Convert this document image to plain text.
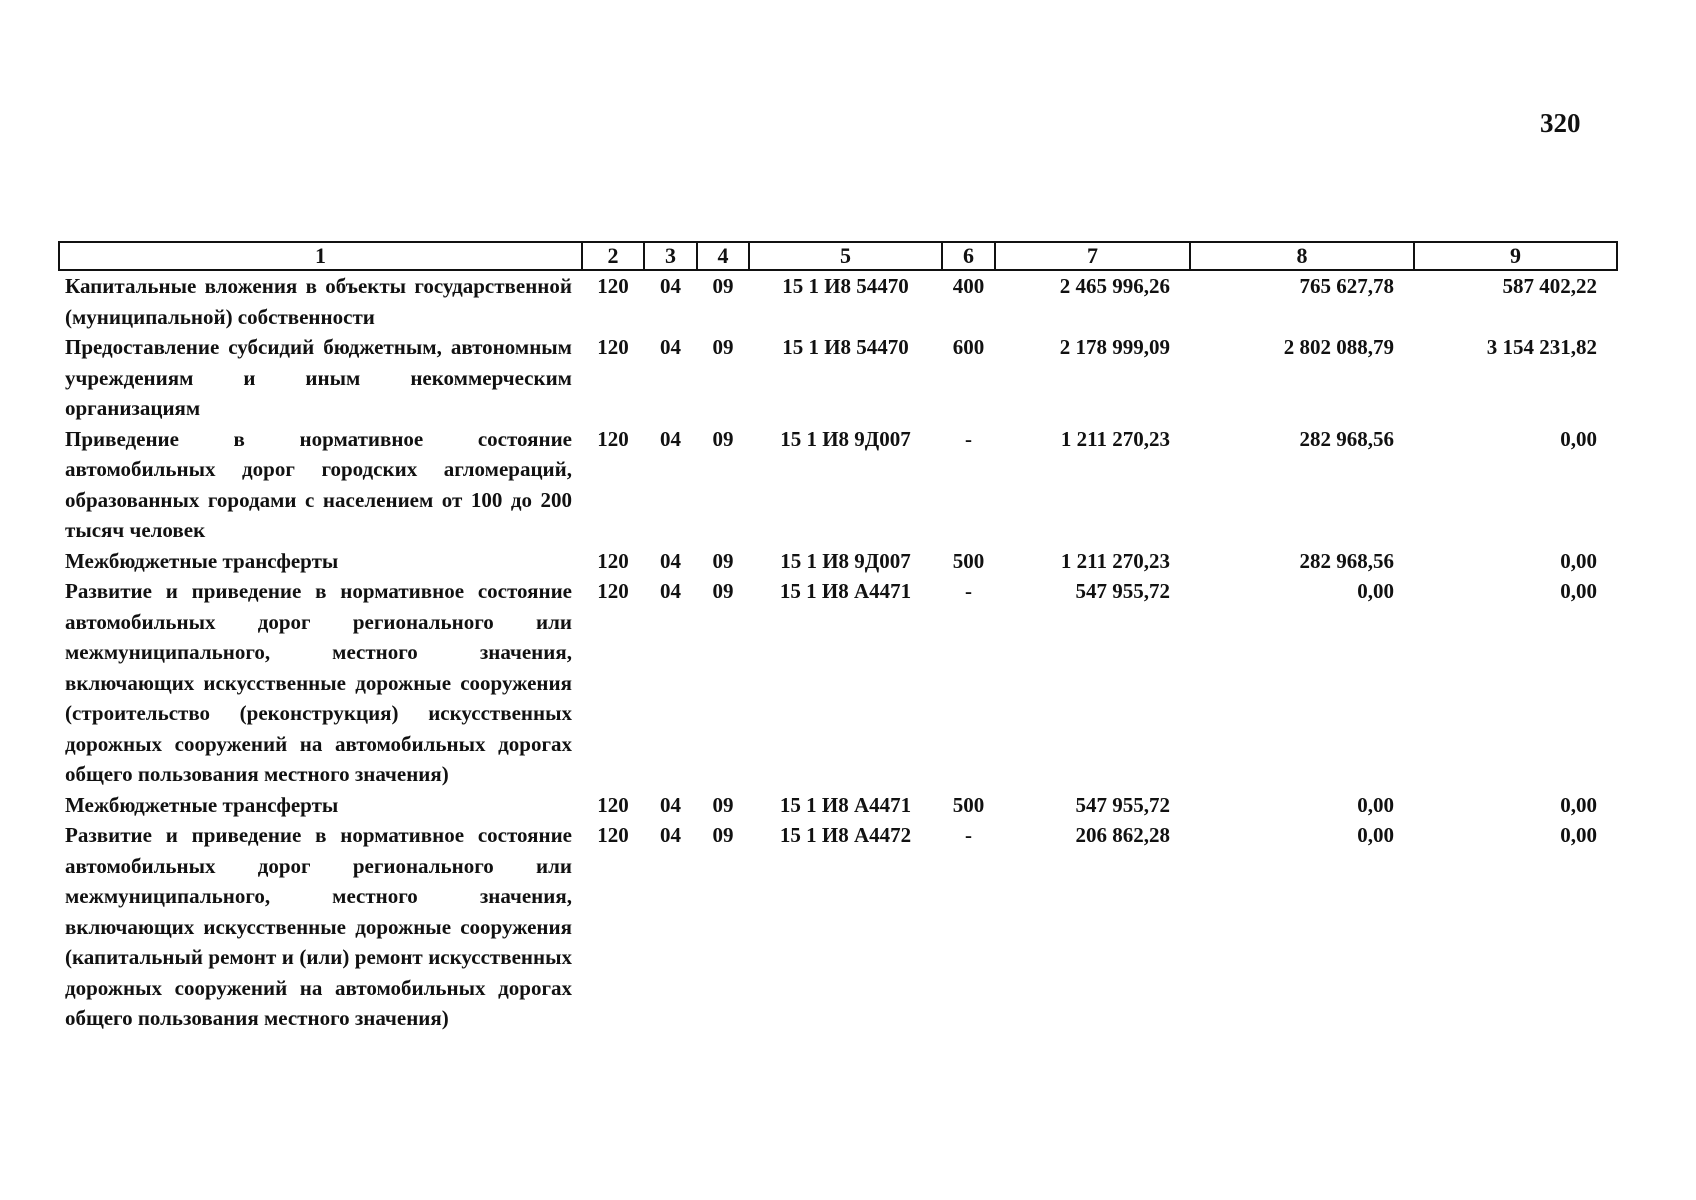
320
1	2	3	4	5	6	7	8	9
Капитальные вложения в объекты государственной (муниципальной) собственности	120	04	09	15 1 И8 54470	400	2 465 996,26	765 627,78	587 402,22
Предоставление субсидий бюджетным, автономным учреждениям и иным некоммерческим организациям	120	04	09	15 1 И8 54470	600	2 178 999,09	2 802 088,79	3 154 231,82
Приведение в нормативное состояние автомобильных дорог городских агломераций, образованных городами с населением от 100 до 200 тысяч человек	120	04	09	15 1 И8 9Д007	-	1 211 270,23	282 968,56	0,00
Межбюджетные трансферты	120	04	09	15 1 И8 9Д007	500	1 211 270,23	282 968,56	0,00
Развитие и приведение в нормативное состояние автомобильных дорог регионального или межмуниципального, местного значения, включающих искусственные дорожные сооружения (строительство (реконструкция) искусственных дорожных сооружений на автомобильных дорогах общего пользования местного значения)	120	04	09	15 1 И8 А4471	-	547 955,72	0,00	0,00
Межбюджетные трансферты	120	04	09	15 1 И8 А4471	500	547 955,72	0,00	0,00
Развитие и приведение в нормативное состояние автомобильных дорог регионального или межмуниципального, местного значения, включающих искусственные дорожные сооружения (капитальный ремонт и (или) ремонт искусственных дорожных сооружений на автомобильных дорогах общего пользования местного значения)	120	04	09	15 1 И8 А4472	-	206 862,28	0,00	0,00
